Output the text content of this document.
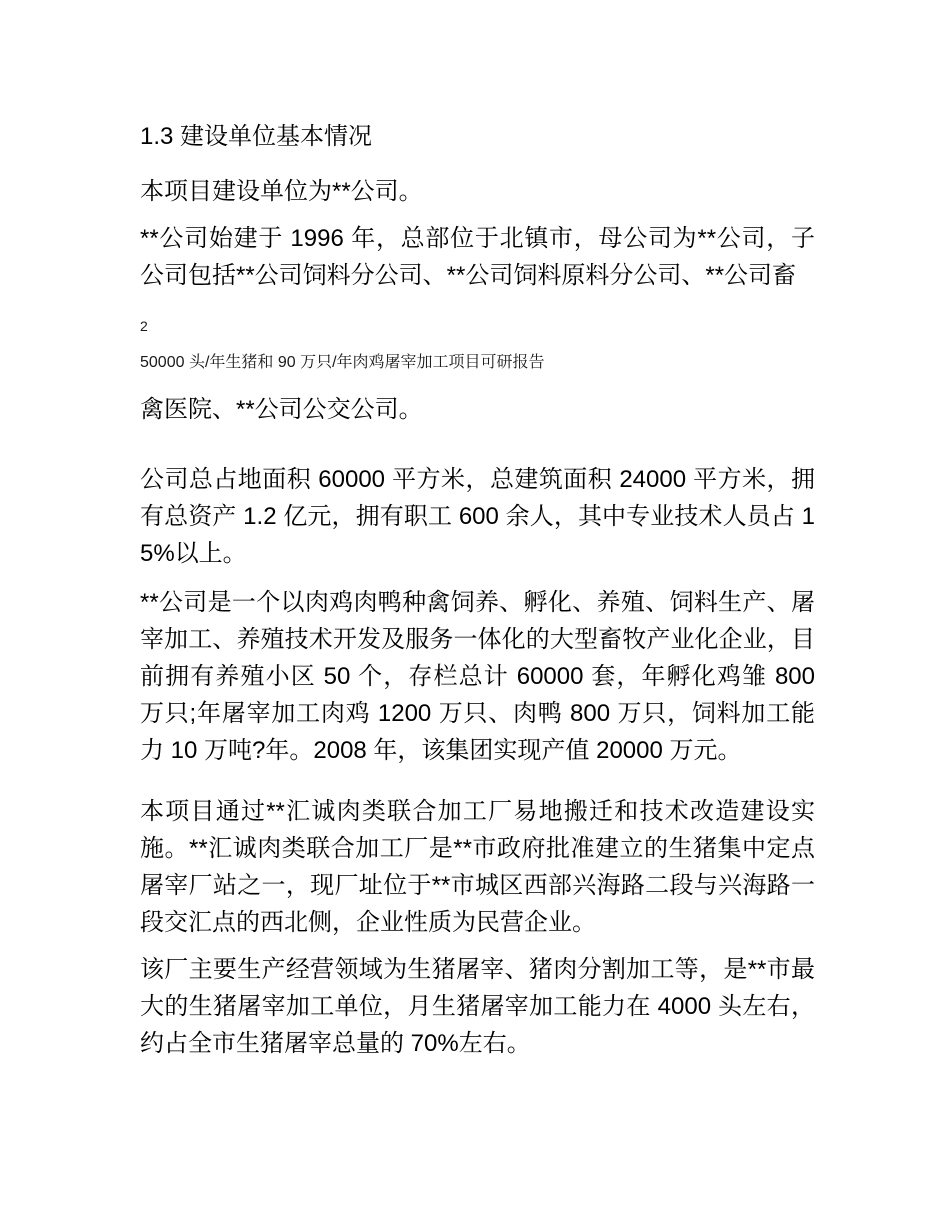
1.3 建设单位基本情况

本项目建设单位为**公司。

**公司始建于 1996 年，总部位于北镇市，母公司为**公司，子公司包括**公司饲料分公司、**公司饲料原料分公司、**公司畜

2
50000 头/年生猪和 90 万只/年肉鸡屠宰加工项目可研报告

禽医院、**公司公交公司。

公司总占地面积 60000 平方米，总建筑面积 24000 平方米，拥有总资产 1.2 亿元，拥有职工 600 余人，其中专业技术人员占 15%以上。

**公司是一个以肉鸡肉鸭种禽饲养、孵化、养殖、饲料生产、屠宰加工、养殖技术开发及服务一体化的大型畜牧产业化企业，目前拥有养殖小区 50 个，存栏总计 60000 套，年孵化鸡雏 800 万只;年屠宰加工肉鸡 1200 万只、肉鸭 800 万只，饲料加工能力 10 万吨?年。2008 年，该集团实现产值 20000 万元。

本项目通过**汇诚肉类联合加工厂易地搬迁和技术改造建设实施。**汇诚肉类联合加工厂是**市政府批准建立的生猪集中定点屠宰厂站之一，现厂址位于**市城区西部兴海路二段与兴海路一段交汇点的西北侧，企业性质为民营企业。

该厂主要生产经营领域为生猪屠宰、猪肉分割加工等，是**市最大的生猪屠宰加工单位，月生猪屠宰加工能力在 4000 头左右，约占全市生猪屠宰总量的 70%左右。
